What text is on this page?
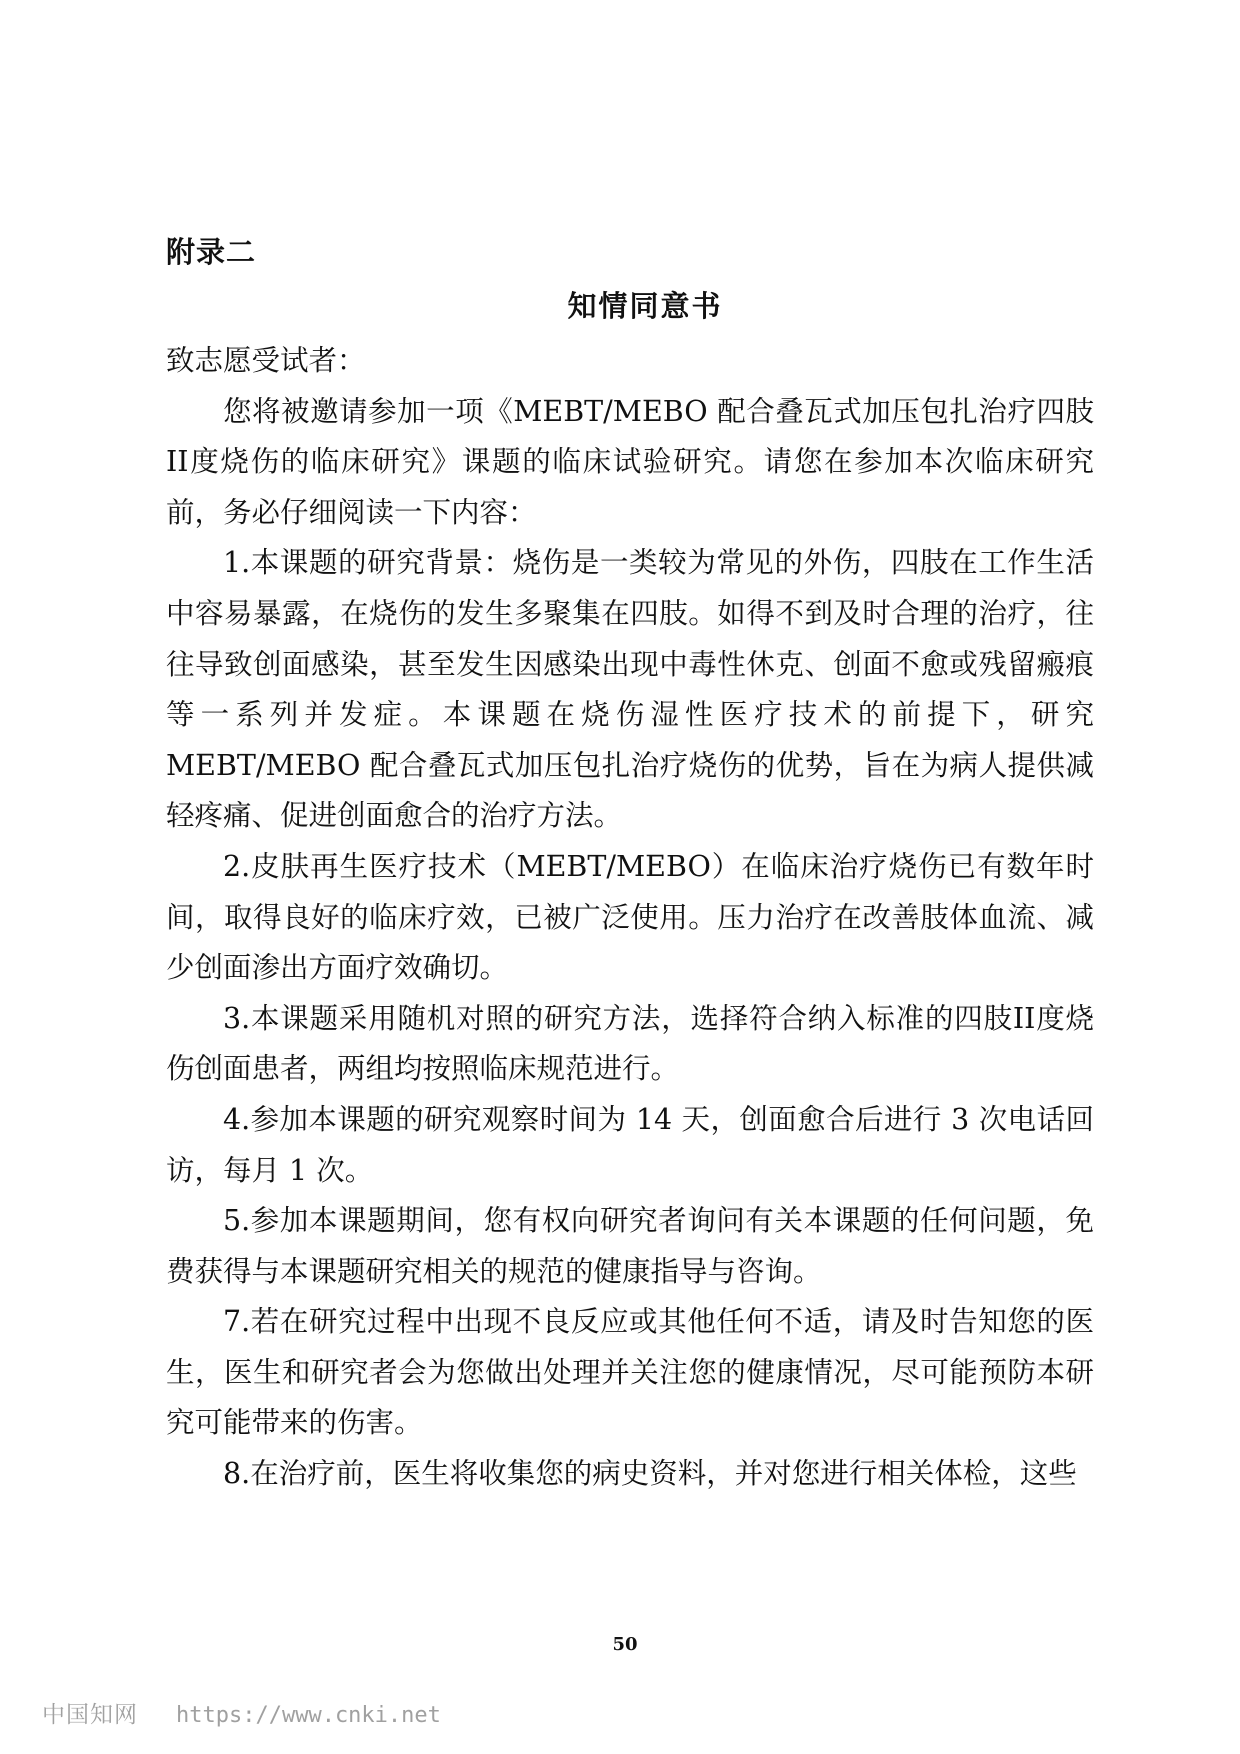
附录二
知情同意书

致志愿受试者：

您将被邀请参加一项《MEBT/MEBO 配合叠瓦式加压包扎治疗四肢II度烧伤的临床研究》课题的临床试验研究。请您在参加本次临床研究前，务必仔细阅读一下内容：

1.本课题的研究背景：烧伤是一类较为常见的外伤，四肢在工作生活中容易暴露，在烧伤的发生多聚集在四肢。如得不到及时合理的治疗，往往导致创面感染，甚至发生因感染出现中毒性休克、创面不愈或残留瘢痕等一系列并发症。本课题在烧伤湿性医疗技术的前提下，研究MEBT/MEBO 配合叠瓦式加压包扎治疗烧伤的优势，旨在为病人提供减轻疼痛、促进创面愈合的治疗方法。

2.皮肤再生医疗技术（MEBT/MEBO）在临床治疗烧伤已有数年时间，取得良好的临床疗效，已被广泛使用。压力治疗在改善肢体血流、减少创面渗出方面疗效确切。

3.本课题采用随机对照的研究方法，选择符合纳入标准的四肢II度烧伤创面患者，两组均按照临床规范进行。

4.参加本课题的研究观察时间为 14 天，创面愈合后进行 3 次电话回访，每月 1 次。

5.参加本课题期间，您有权向研究者询问有关本课题的任何问题，免费获得与本课题研究相关的规范的健康指导与咨询。

7.若在研究过程中出现不良反应或其他任何不适，请及时告知您的医生，医生和研究者会为您做出处理并关注您的健康情况，尽可能预防本研究可能带来的伤害。

8.在治疗前，医生将收集您的病史资料，并对您进行相关体检，这些

50
中国知网 https://www.cnki.net
